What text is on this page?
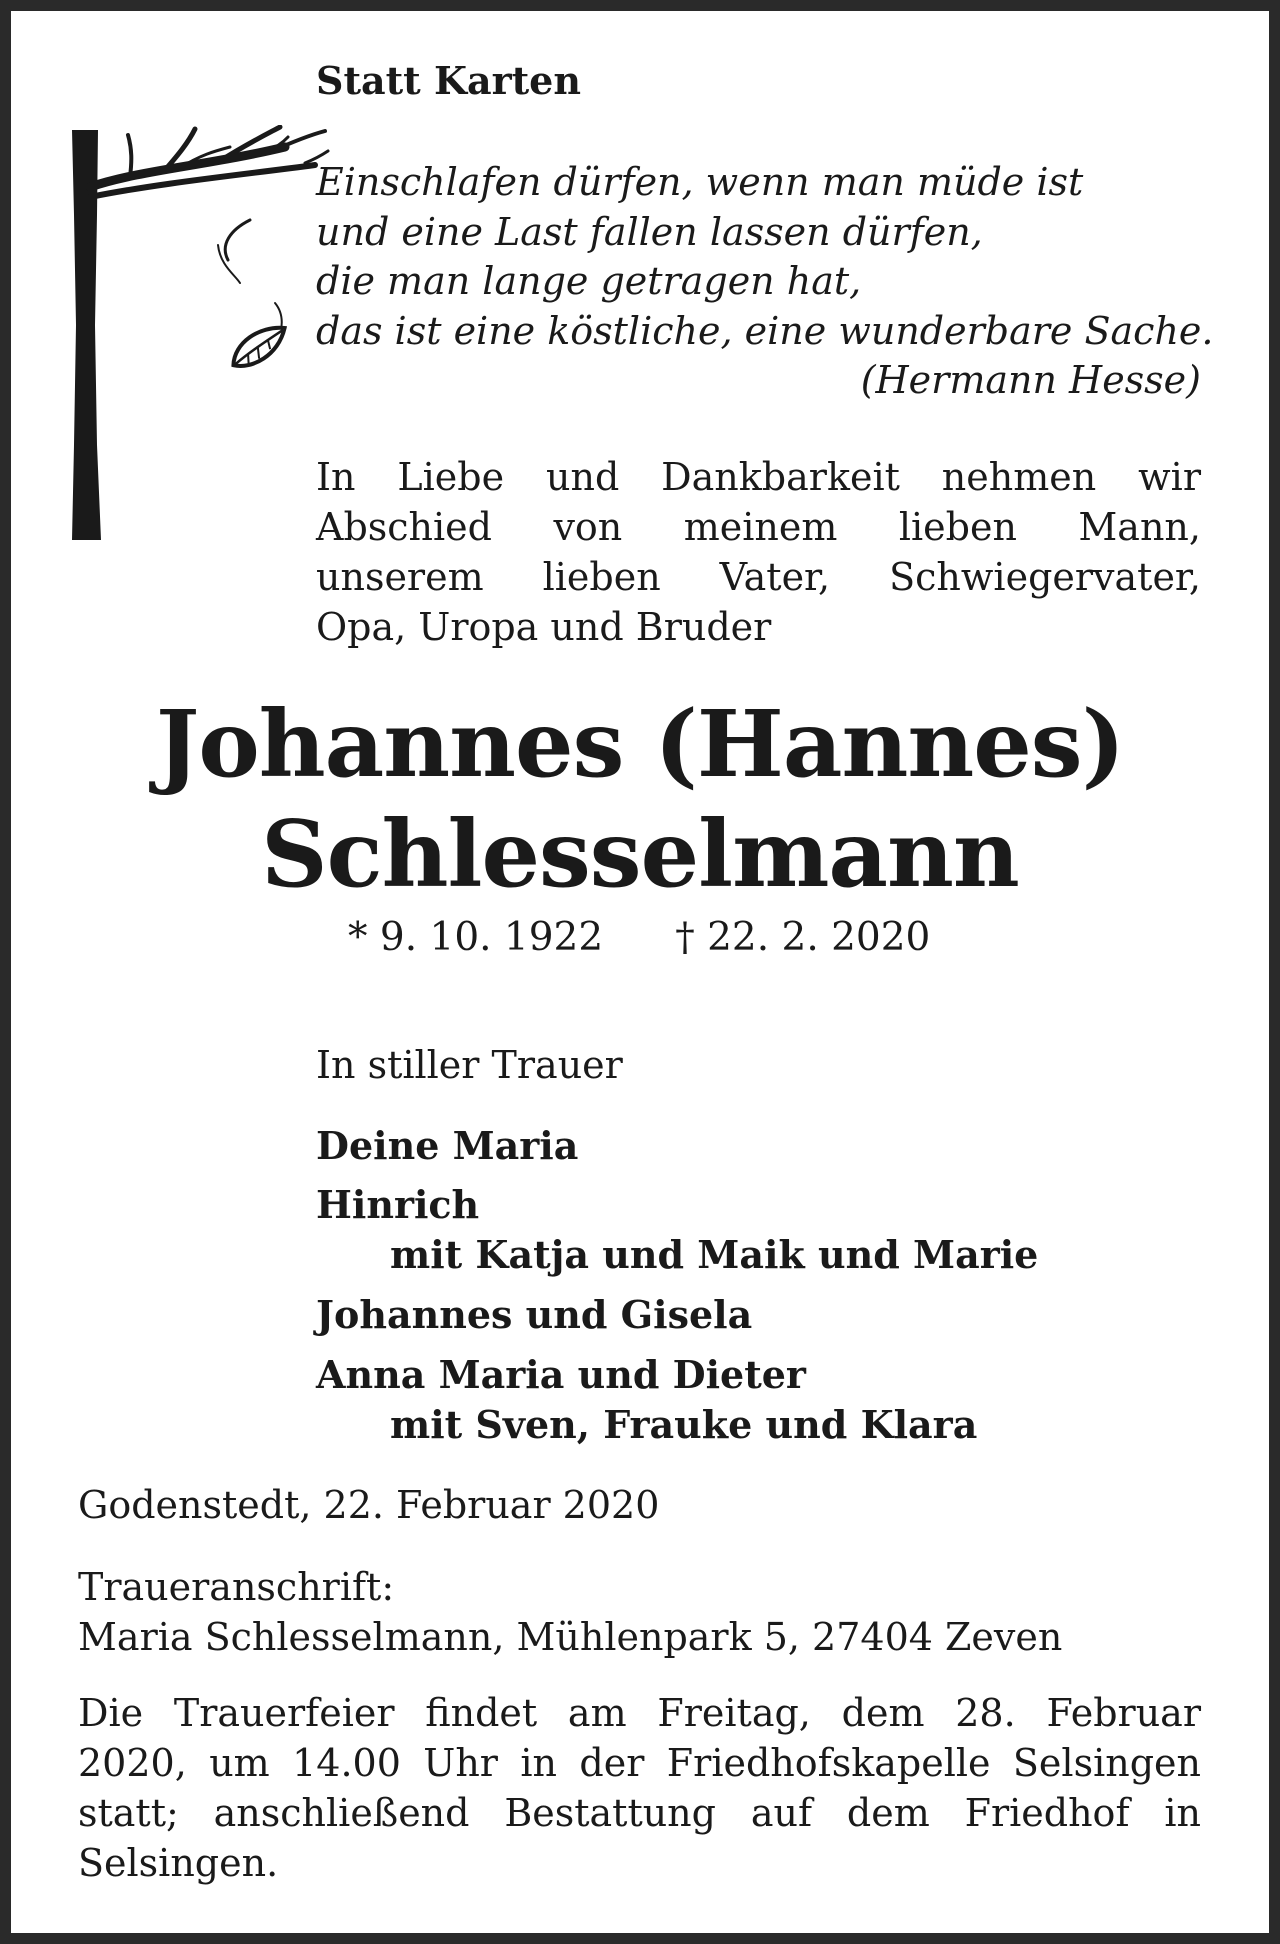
Statt Karten

Einschlafen dürfen, wenn man müde ist
und eine Last fallen lassen dürfen,
die man lange getragen hat,
das ist eine köstliche, eine wunderbare Sache.
(Hermann Hesse)
In Liebe und Dankbarkeit nehmen wir
Abschied von meinem lieben Mann,
unserem lieben Vater, Schwiegervater,
Opa, Uropa und Bruder

Johannes (Hannes)

Schlesselmann

* 9. 10. 1922 † 22. 2. 2020

In stiller Trauer

Deine Maria

Hinrich

mit Katja und Maik und Marie

Johannes und Gisela

Anna Maria und Dieter

mit Sven, Frauke und Klara

Godenstedt, 22. Februar 2020

Traueranschrift:
Maria Schlesselmann, Mühlenpark 5, 27404 Zeven
Die Trauerfeier findet am Freitag, dem 28. Februar
2020, um 14.00 Uhr in der Friedhofskapelle Selsingen
statt; anschließend Bestattung auf dem Friedhof in
Selsingen.
